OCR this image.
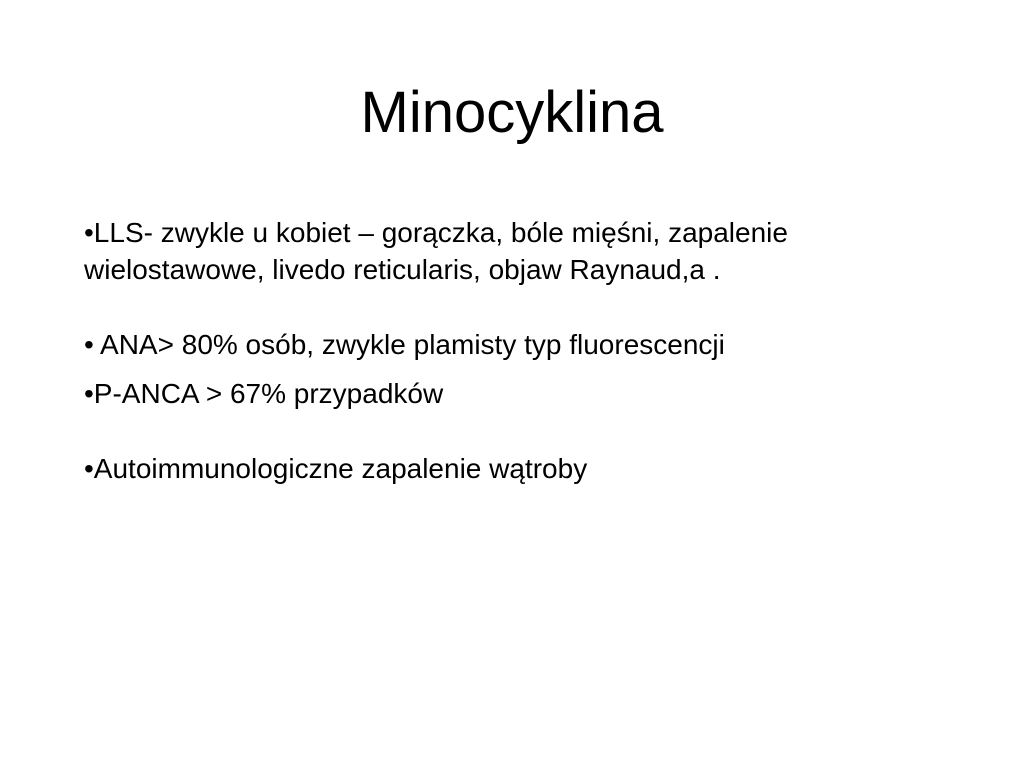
Minocyklina
•LLS- zwykle u kobiet – gorączka, bóle mięśni, zapalenie wielostawowe, livedo reticularis, objaw Raynaud,a .
• ANA> 80% osób, zwykle plamisty typ fluorescencji
•P-ANCA > 67% przypadków
•Autoimmunologiczne zapalenie wątroby
